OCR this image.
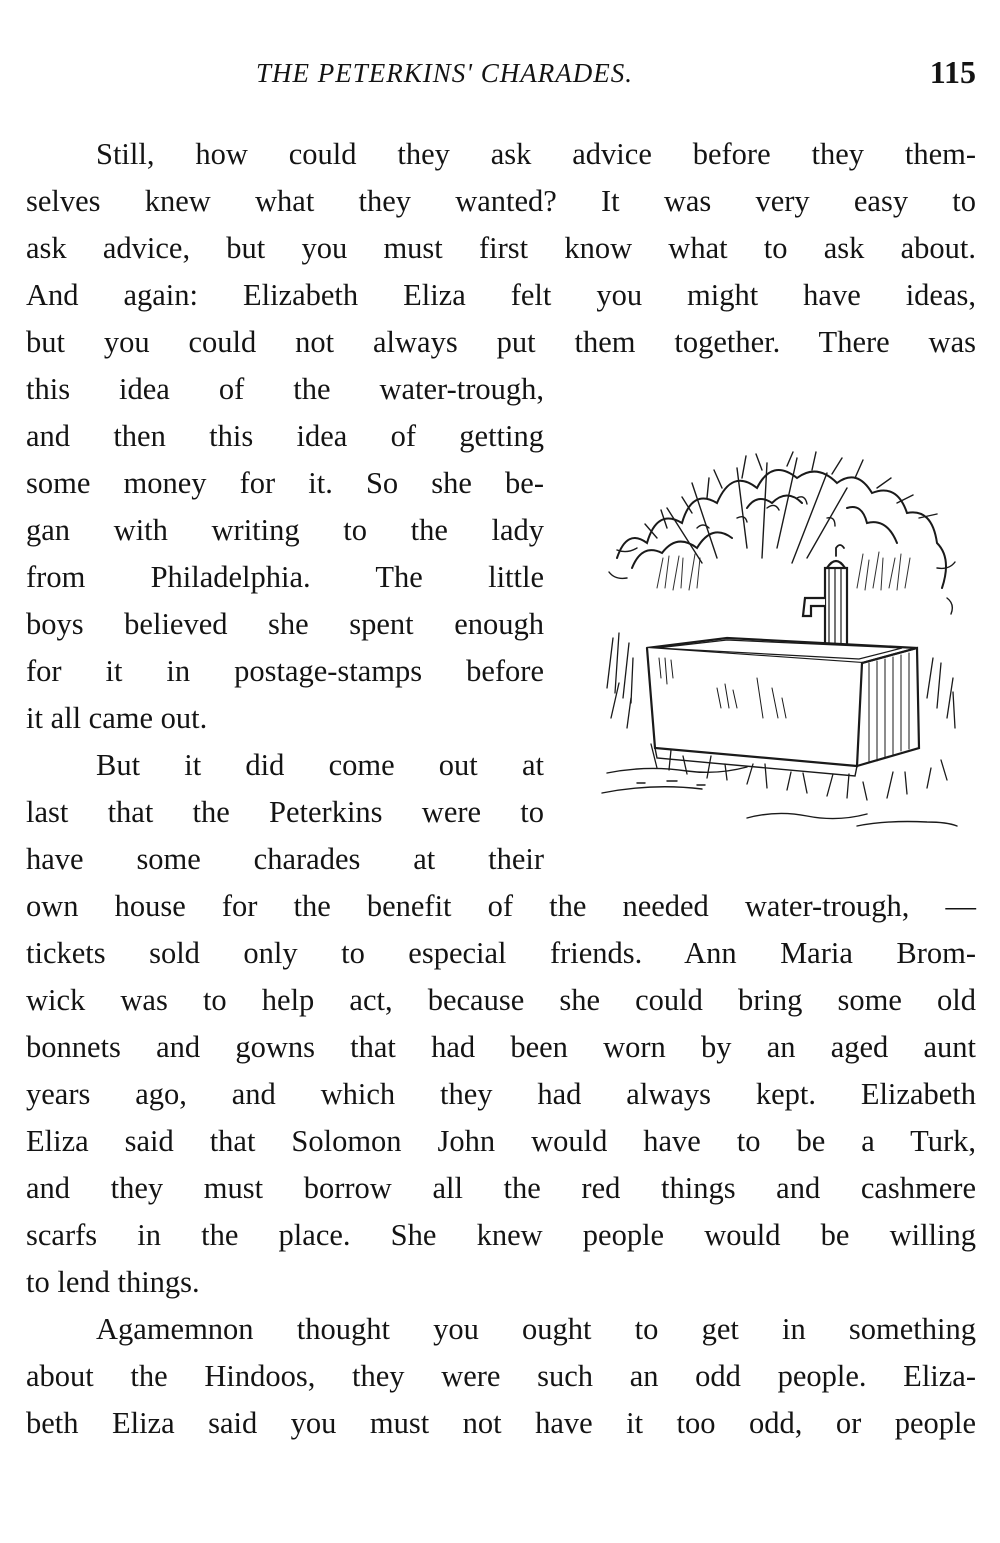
THE PETERKINS' CHARADES.	115
Still, how could they ask advice before they them-
selves knew what they wanted? It was very easy to
ask advice, but you must first know what to ask about.
And again: Elizabeth Eliza felt you might have ideas,
but you could not always put them together. There was
this idea of the water-trough,
and then this idea of getting
some money for it. So she be-
gan with writing to the lady
from Philadelphia. The little
boys believed she spent enough
for it in postage-stamps before
it all came out.
But it did come out at
last that the Peterkins were to
have some charades at their
own house for the benefit of the needed water-trough, —
tickets sold only to especial friends. Ann Maria Brom-
wick was to help act, because she could bring some old
bonnets and gowns that had been worn by an aged aunt
years ago, and which they had always kept. Elizabeth
Eliza said that Solomon John would have to be a Turk,
and they must borrow all the red things and cashmere
scarfs in the place. She knew people would be willing
to lend things.
Agamemnon thought you ought to get in something
about the Hindoos, they were such an odd people. Eliza-
beth Eliza said you must not have it too odd, or people
